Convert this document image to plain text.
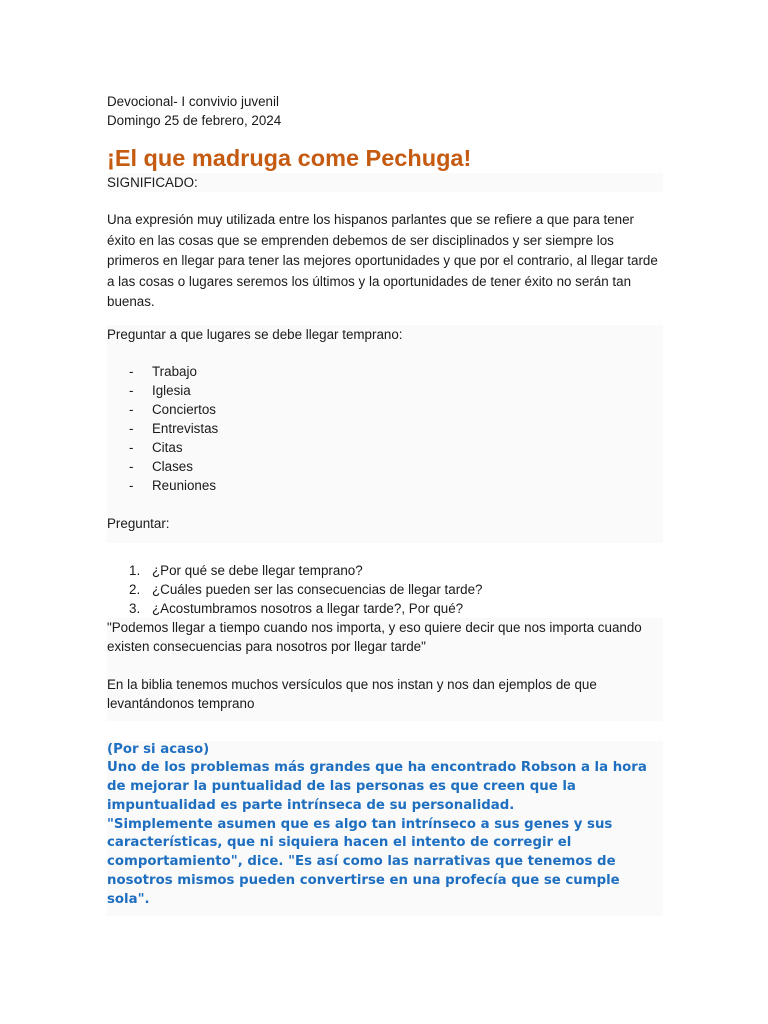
Devocional- I convivio juvenil
Domingo 25 de febrero, 2024
¡El que madruga come Pechuga!
SIGNIFICADO:
Una expresión muy utilizada entre los hispanos parlantes que se refiere a que para tener éxito en las cosas que se emprenden debemos de ser disciplinados y ser siempre los primeros en llegar para tener las mejores oportunidades y que por el contrario, al llegar tarde a las cosas o lugares seremos los últimos y la oportunidades de tener éxito no serán tan buenas.
Preguntar a que lugares se debe llegar temprano:
- Trabajo
- Iglesia
- Conciertos
- Entrevistas
- Citas
- Clases
- Reuniones
Preguntar:
1. ¿Por qué se debe llegar temprano?
2. ¿Cuáles pueden ser las consecuencias de llegar tarde?
3. ¿Acostumbramos nosotros a llegar tarde?, Por qué?
"Podemos llegar a tiempo cuando nos importa, y eso quiere decir que nos importa cuando existen consecuencias para nosotros por llegar tarde"
En la biblia tenemos muchos versículos que nos instan y nos dan ejemplos de que levantándonos temprano

(Por si acaso)

Uno de los problemas más grandes que ha encontrado Robson a la hora de mejorar la puntualidad de las personas es que creen que la impuntualidad es parte intrínseca de su personalidad.

"Simplemente asumen que es algo tan intrínseco a sus genes y sus características, que ni siquiera hacen el intento de corregir el comportamiento", dice. "Es así como las narrativas que tenemos de nosotros mismos pueden convertirse en una profecía que se cumple sola".
